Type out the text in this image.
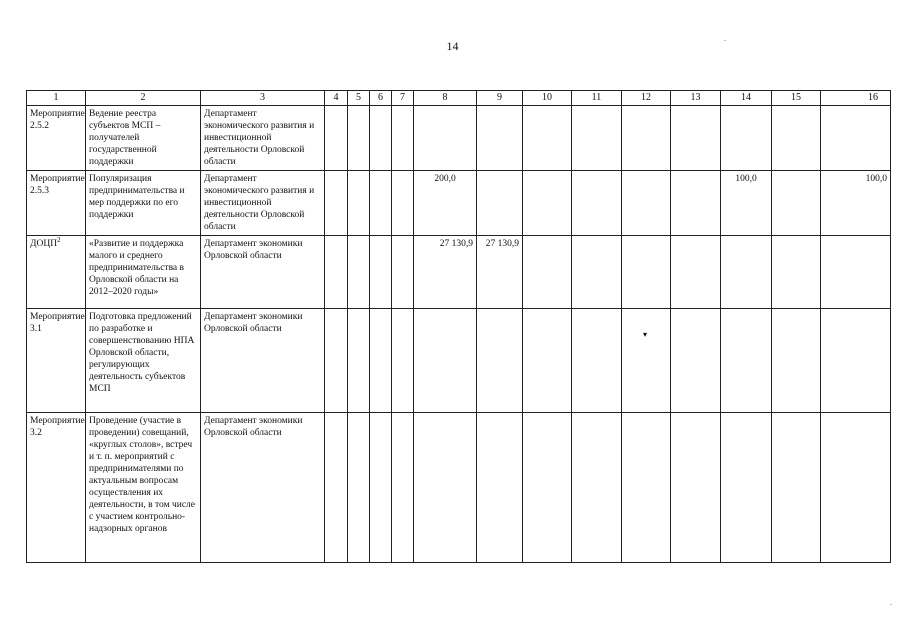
14
1	2	3	4	5	6	7	8	9	10	11	12	13	14	15	16
Мероприятие 2.5.2	Ведение реестра субъектов МСП – получателей государственной поддержки	Департамент экономического развития и инвестиционной деятельности Орловской области													
Мероприятие 2.5.3	Популяризация предпринимательства и мер поддержки по его поддержки	Департамент экономического развития и инвестиционной деятельности Орловской области					200,0						100,0		100,0
ДОЦП$^2$	«Развитие и поддержка малого и среднего предпринимательства в Орловской области на 2012–2020 годы»	Департамент экономики Орловской области					27 130,9	27 130,9							
Мероприятие 3.1	Подготовка предложений по разработке и совершенствованию НПА Орловской области, регулирующих деятельность субъектов МСП	Департамент экономики Орловской области													
Мероприятие 3.2	Проведение (участие в проведении) совещаний, «круглых столов», встреч и т. п. мероприятий с предпринимателями по актуальным вопросам осуществления их деятельности, в том числе с участием контрольно-надзорных органов	Департамент экономики Орловской области													
▾
